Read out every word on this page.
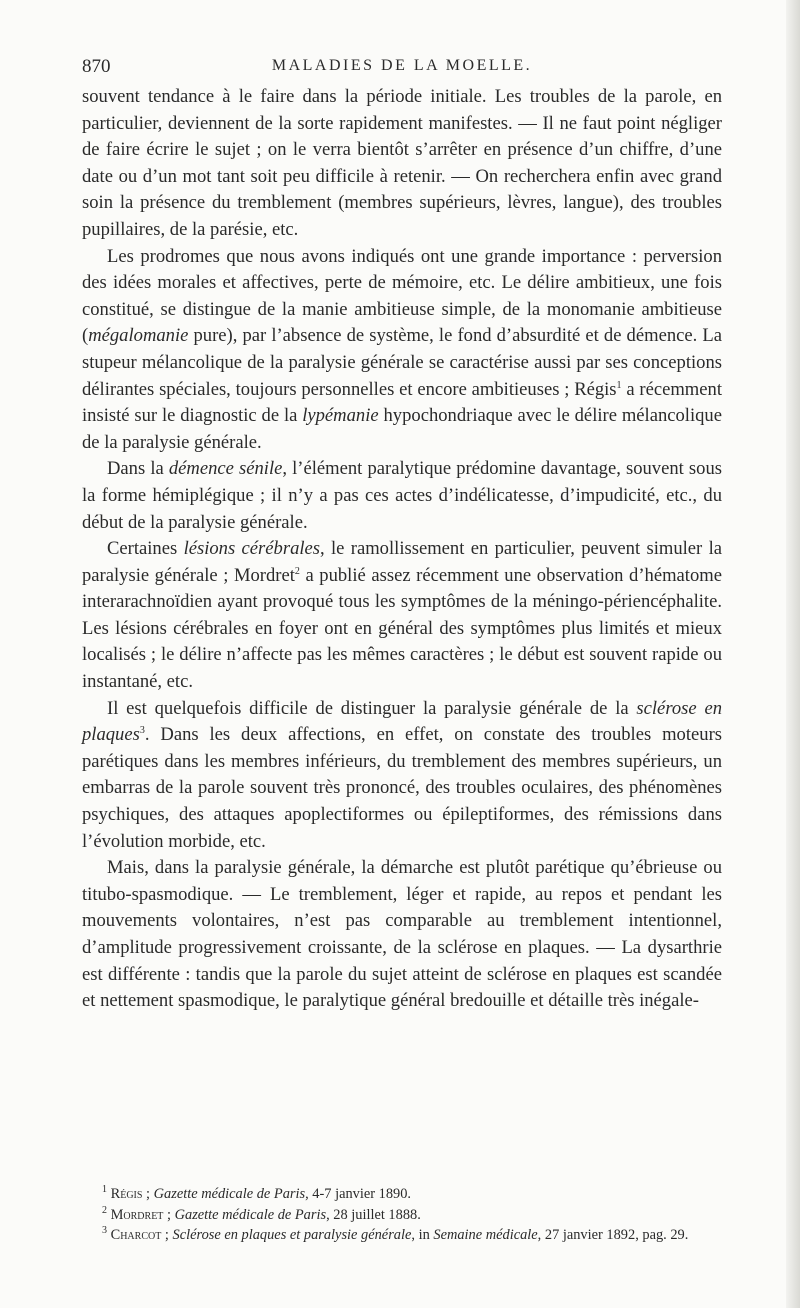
870	MALADIES DE LA MOELLE.

souvent tendance à le faire dans la période initiale. Les troubles de la parole, en particulier, deviennent de la sorte rapidement manifestes. — Il ne faut point négliger de faire écrire le sujet ; on le verra bientôt s’arrêter en présence d’un chiffre, d’une date ou d’un mot tant soit peu difficile à retenir. — On recherchera enfin avec grand soin la présence du tremblement (membres supérieurs, lèvres, langue), des troubles pupillaires, de la parésie, etc.

Les prodromes que nous avons indiqués ont une grande importance : perversion des idées morales et affectives, perte de mémoire, etc. Le délire ambitieux, une fois constitué, se distingue de la manie ambitieuse simple, de la monomanie ambitieuse (mégalomanie pure), par l’absence de système, le fond d’absurdité et de démence. La stupeur mélancolique de la paralysie générale se caractérise aussi par ses conceptions délirantes spéciales, toujours personnelles et encore ambitieuses ; Régis$^1$ a récemment insisté sur le diagnostic de la lypémanie hypochondriaque avec le délire mélancolique de la paralysie générale.

Dans la démence sénile, l’élément paralytique prédomine davantage, souvent sous la forme hémiplégique ; il n’y a pas ces actes d’indélicatesse, d’impudicité, etc., du début de la paralysie générale.

Certaines lésions cérébrales, le ramollissement en particulier, peuvent simuler la paralysie générale ; Mordret$^2$ a publié assez récemment une observation d’hématome interarachnoïdien ayant provoqué tous les symptômes de la méningo-périencéphalite. Les lésions cérébrales en foyer ont en général des symptômes plus limités et mieux localisés ; le délire n’affecte pas les mêmes caractères ; le début est souvent rapide ou instantané, etc.

Il est quelquefois difficile de distinguer la paralysie générale de la sclérose en plaques$^3$. Dans les deux affections, en effet, on constate des troubles moteurs parétiques dans les membres inférieurs, du tremblement des membres supérieurs, un embarras de la parole souvent très prononcé, des troubles oculaires, des phénomènes psychiques, des attaques apoplectiformes ou épileptiformes, des rémissions dans l’évolution morbide, etc.

Mais, dans la paralysie générale, la démarche est plutôt parétique qu’ébrieuse ou titubo-spasmodique. — Le tremblement, léger et rapide, au repos et pendant les mouvements volontaires, n’est pas comparable au tremblement intentionnel, d’amplitude progressivement croissante, de la sclérose en plaques. — La dysarthrie est différente : tandis que la parole du sujet atteint de sclérose en plaques est scandée et nettement spasmodique, le paralytique général bredouille et détaille très inégale-

$^1$ Régis ; Gazette médicale de Paris, 4-7 janvier 1890.

$^2$ Mordret ; Gazette médicale de Paris, 28 juillet 1888.

$^3$ Charcot ; Sclérose en plaques et paralysie générale, in Semaine médicale, 27 janvier 1892, pag. 29.
